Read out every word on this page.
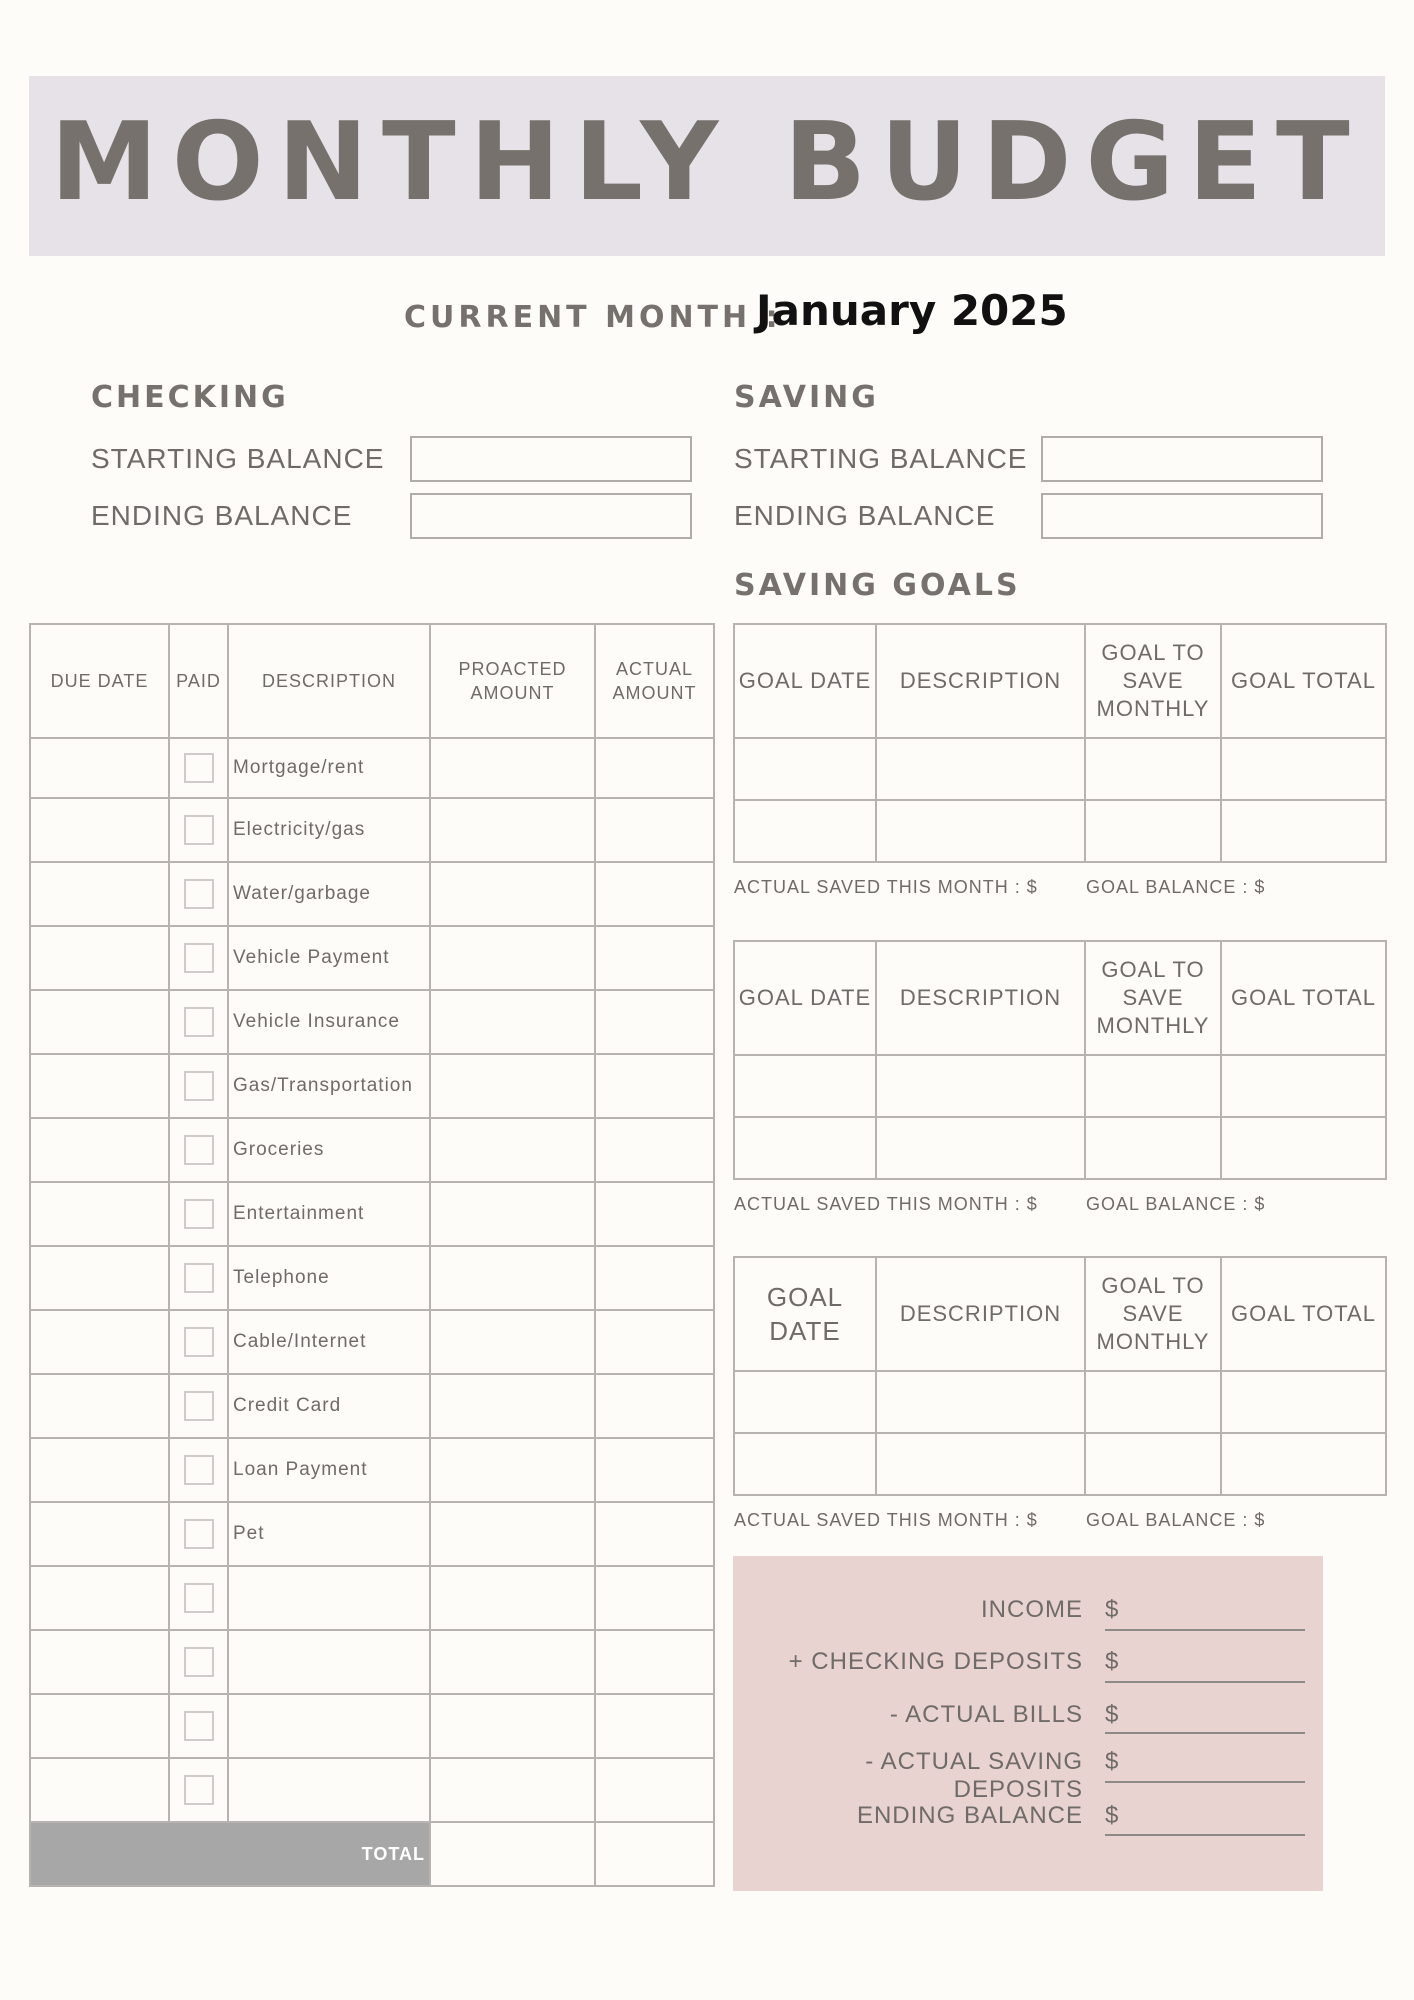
MONTHLY BUDGET
CURRENT MONTH :
January 2025
CHECKING
STARTING BALANCE
ENDING BALANCE
SAVING
STARTING BALANCE
ENDING BALANCE
SAVING GOALS
DUE DATE	PAID	DESCRIPTION	PROACTED AMOUNT	ACTUAL AMOUNT

	Mortgage/rent		

	Electricity/gas		

	Water/garbage		

	Vehicle Payment		

	Vehicle Insurance		

	Gas/Transportation		

	Groceries		

	Entertainment		

	Telephone		

	Cable/Internet		

	Credit Card		

	Loan Payment		

	Pet		

TOTAL				
GOAL DATE	DESCRIPTION	GOAL TO SAVE MONTHLY	GOAL TOTAL

ACTUAL SAVED THIS MONTH : $	GOAL BALANCE : $
GOAL DATE	DESCRIPTION	GOAL TO SAVE MONTHLY	GOAL TOTAL

ACTUAL SAVED THIS MONTH : $	GOAL BALANCE : $
GOAL DATE	DESCRIPTION	GOAL TO SAVE MONTHLY	GOAL TOTAL

ACTUAL SAVED THIS MONTH : $	GOAL BALANCE : $
INCOME $
+ CHECKING DEPOSITS $
- ACTUAL BILLS $
- ACTUAL SAVING DEPOSITS
$
ENDING BALANCE $
